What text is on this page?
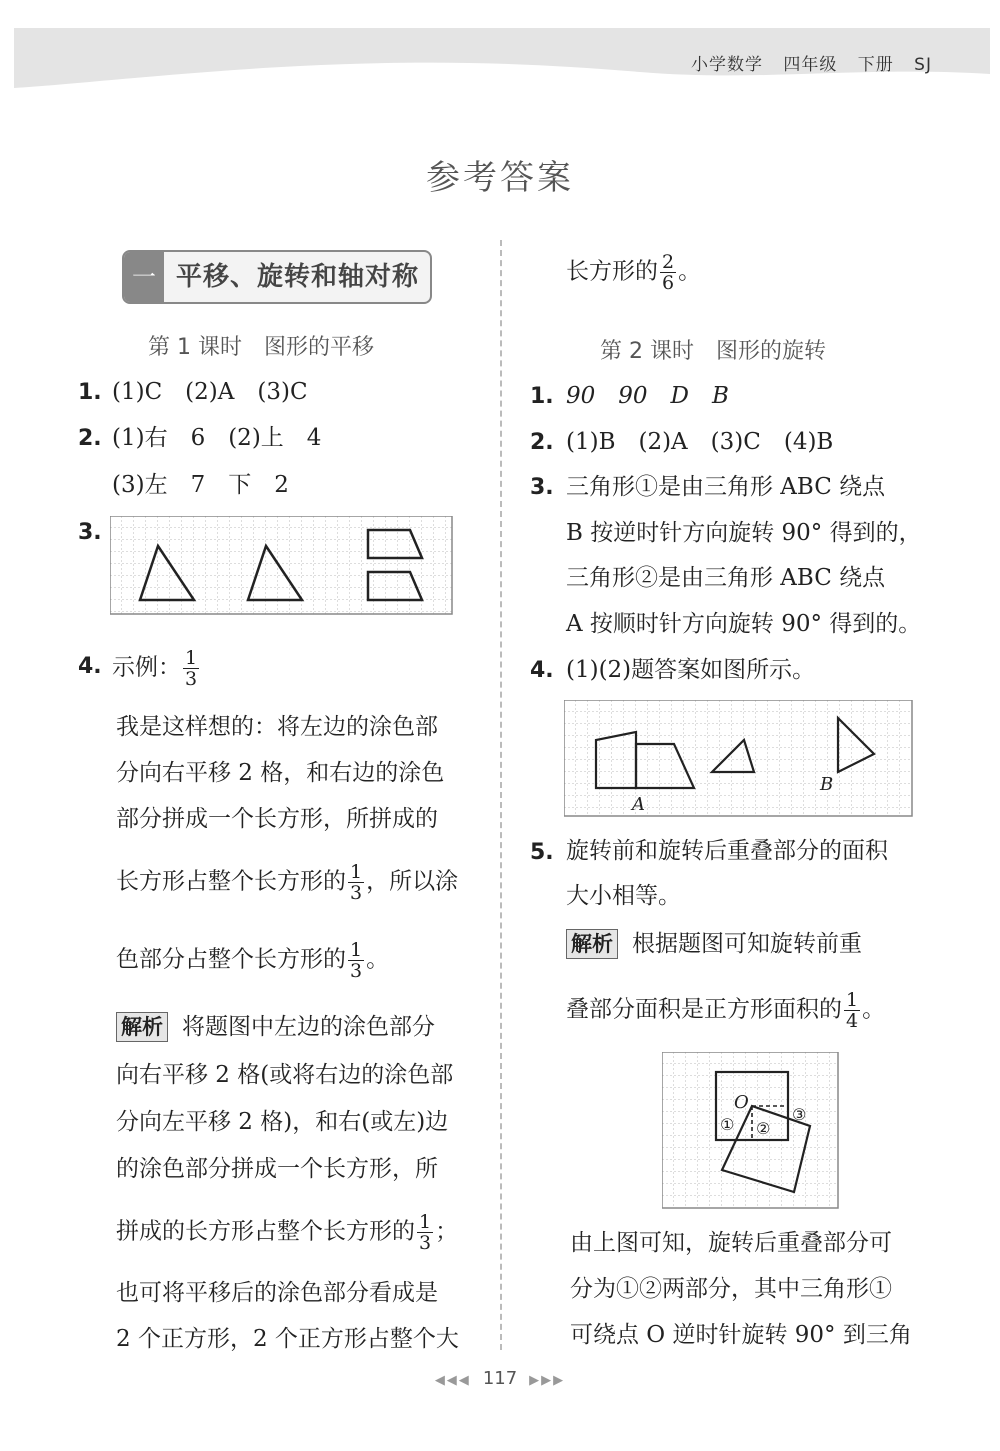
小学数学 四年级 下册 SJ
参考答案
一 平移、旋转和轴对称
第 1 课时　图形的平移
1. (1)C　(2)A　(3)C
2. (1)右　6　(2)上　4
(3)左　7　下　2
3.
4. 示例： $\frac{1}{3}$
我是这样想的：将左边的涂色部
分向右平移 2 格，和右边的涂色
部分拼成一个长方形，所拼成的
长方形占整个长方形的 $\frac{1}{3}$ ，所以涂
色部分占整个长方形的 $\frac{1}{3}$ 。
解析 将题图中左边的涂色部分
向右平移 2 格(或将右边的涂色部
分向左平移 2 格)，和右(或左)边
的涂色部分拼成一个长方形，所
拼成的长方形占整个长方形的 $\frac{1}{3}$ ；
也可将平移后的涂色部分看成是
2 个正方形，2 个正方形占整个大
长方形的 $\frac{2}{6}$ 。
第 2 课时　图形的旋转
1. 90　90　D　B
2. (1)B　(2)A　(3)C　(4)B
3. 三角形①是由三角形 ABC 绕点
B 按逆时针方向旋转 90° 得到的，
三角形②是由三角形 ABC 绕点
A 按顺时针方向旋转 90° 得到的。
4. (1)(2)题答案如图所示。
A
B
5. 旋转前和旋转后重叠部分的面积
大小相等。
解析 根据题图可知旋转前重
叠部分面积是正方形面积的 $\frac{1}{4}$ 。
O
① ②
③
由上图可知，旋转后重叠部分可
分为①②两部分，其中三角形①
可绕点 O 逆时针旋转 90° 到三角
◀◀◀ 117 ▶▶▶
